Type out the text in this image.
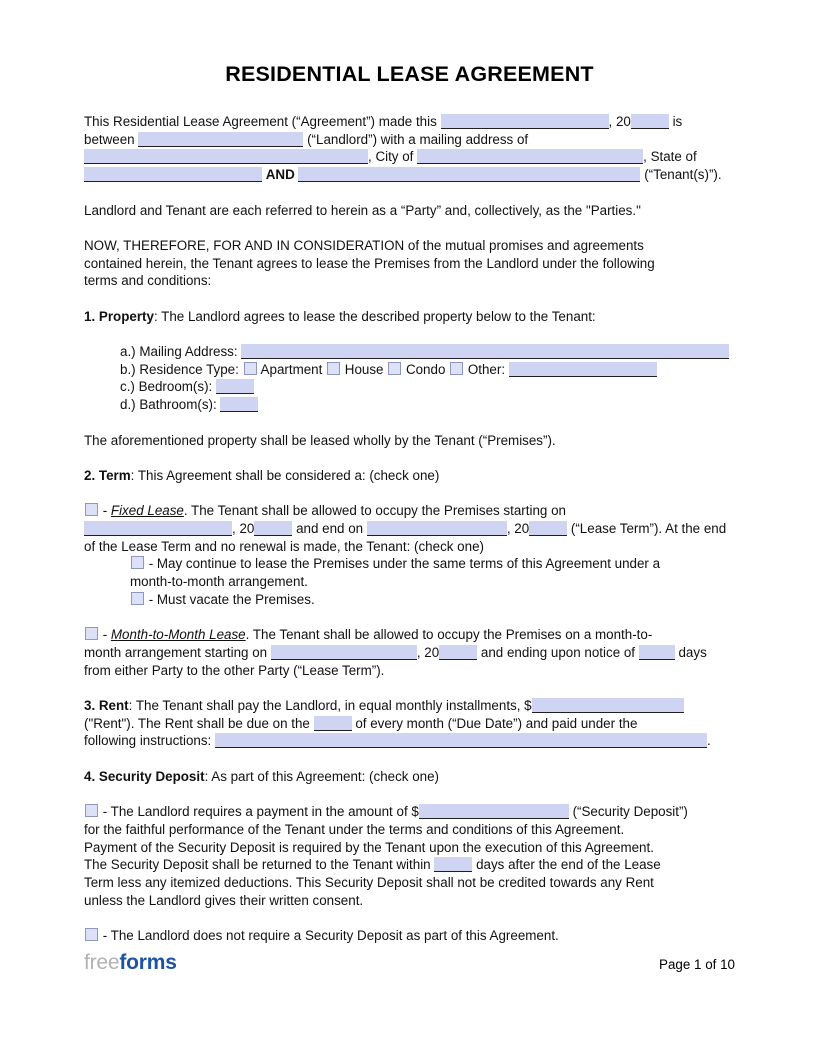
RESIDENTIAL LEASE AGREEMENT
This Residential Lease Agreement (“Agreement”) made this	, 20	is
between	(“Landlord”) with a mailing address of
, City of	, State of
AND	(“Tenant(s)”).
Landlord and Tenant are each referred to herein as a “Party” and, collectively, as the "Parties."
NOW, THEREFORE, FOR AND IN CONSIDERATION of the mutual promises and agreements
contained herein, the Tenant agrees to lease the Premises from the Landlord under the following
terms and conditions:
1. Property: The Landlord agrees to lease the described property below to the Tenant:
a.) Mailing Address:
b.) Residence Type:  Apartment  House  Condo  Other:
c.) Bedroom(s):
d.) Bathroom(s):
The aforementioned property shall be leased wholly by the Tenant (“Premises”).
2. Term: This Agreement shall be considered a: (check one)
- Fixed Lease. The Tenant shall be allowed to occupy the Premises starting on
, 20	and end on	, 20	(“Lease Term”). At the end
of the Lease Term and no renewal is made, the Tenant: (check one)
- May continue to lease the Premises under the same terms of this Agreement under a
month-to-month arrangement.
- Must vacate the Premises.
- Month-to-Month Lease. The Tenant shall be allowed to occupy the Premises on a month-to-
month arrangement starting on	, 20	and ending upon notice of	days
from either Party to the other Party (“Lease Term”).
3. Rent: The Tenant shall pay the Landlord, in equal monthly installments, $
("Rent"). The Rent shall be due on the	of every month (“Due Date”) and paid under the
following instructions:	.
4. Security Deposit: As part of this Agreement: (check one)
- The Landlord requires a payment in the amount of $	(“Security Deposit”)
for the faithful performance of the Tenant under the terms and conditions of this Agreement.
Payment of the Security Deposit is required by the Tenant upon the execution of this Agreement.
The Security Deposit shall be returned to the Tenant within	days after the end of the Lease
Term less any itemized deductions. This Security Deposit shall not be credited towards any Rent
unless the Landlord gives their written consent.
- The Landlord does not require a Security Deposit as part of this Agreement.
freeforms	Page 1 of 10
